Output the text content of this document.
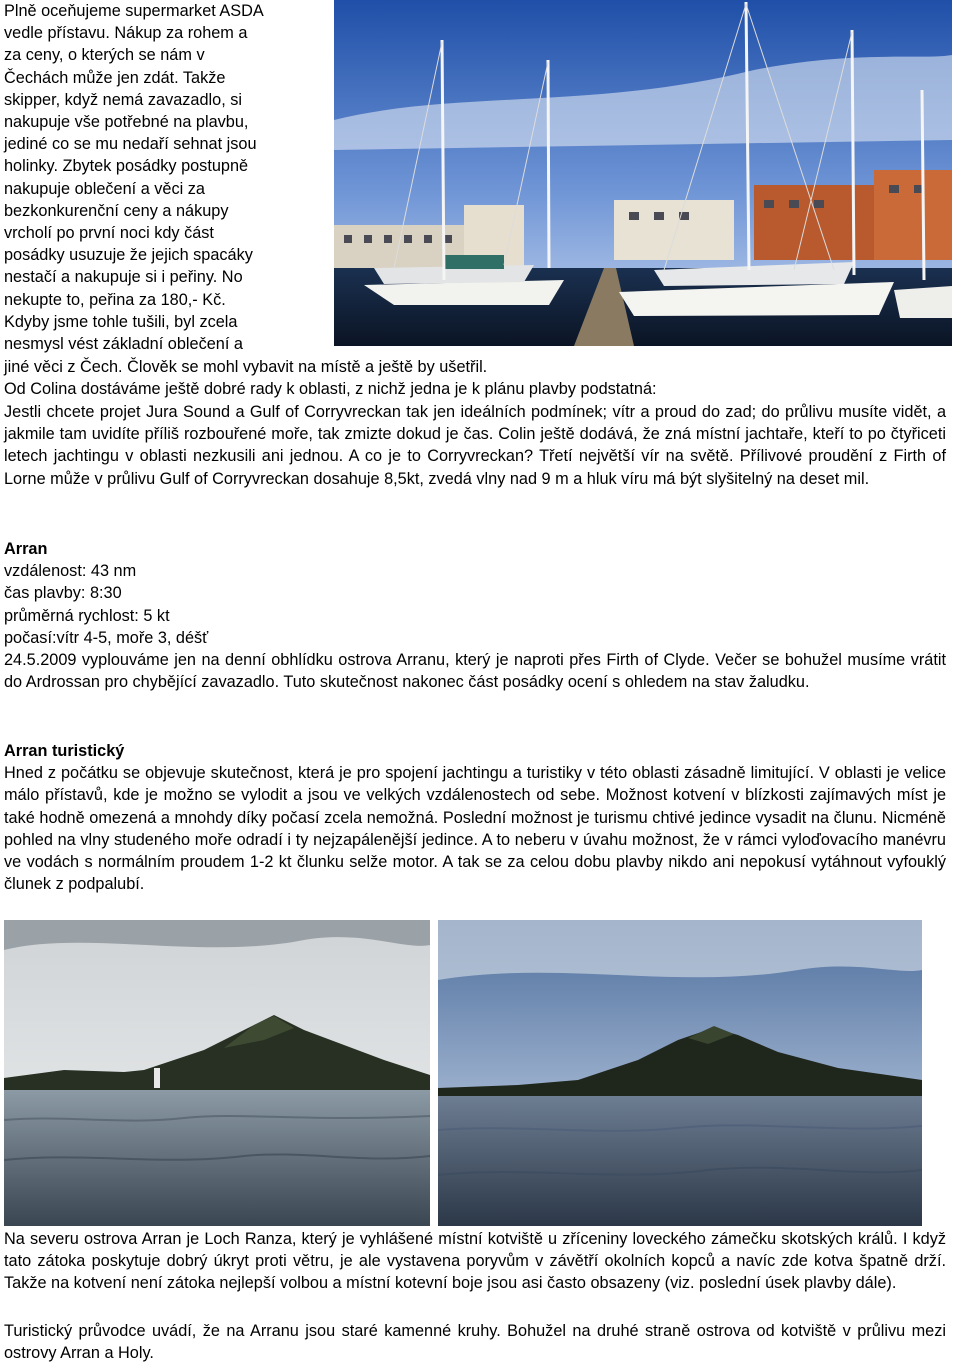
Plně oceňujeme supermarket ASDA
vedle přístavu. Nákup za rohem a
za ceny, o kterých se nám v
Čechách může jen zdát. Takže
skipper, když nemá zavazadlo, si
nakupuje vše potřebné na plavbu,
jediné co se mu nedaří sehnat jsou
holinky. Zbytek posádky postupně
nakupuje oblečení a věci za
bezkonkurenční ceny a nákupy
vrcholí po první noci kdy část
posádky usuzuje že jejich spacáky
nestačí a nakupuje si i peřiny. No
nekupte to, peřina za 180,- Kč.
Kdyby jsme tohle tušili, byl zcela
nesmysl vést základní oblečení a

jiné věci z Čech. Člověk se mohl vybavit na místě a ještě by ušetřil.

Od Colina dostáváme ještě dobré rady k oblasti, z nichž jedna je k plánu plavby podstatná:

Jestli chcete projet Jura Sound a Gulf of Corryvreckan tak jen ideálních podmínek; vítr a proud do zad; do průlivu musíte vidět, a jakmile tam uvidíte příliš rozbouřené moře, tak zmizte dokud je čas. Colin ještě dodává, že zná místní jachtaře, kteří to po čtyřiceti letech jachtingu v oblasti nezkusili ani jednou. A co je to Corryvreckan? Třetí největší vír na světě. Přílivové proudění z Firth of Lorne může v průlivu Gulf of Corryvreckan dosahuje 8,5kt, zvedá vlny nad 9 m a hluk víru má být slyšitelný na deset mil.

Arran
vzdálenost: 43 nm
čas plavby: 8:30
průměrná rychlost: 5 kt
počasí:vítr 4-5, moře 3, déšť
24.5.2009 vyplouváme jen na denní obhlídku ostrova Arranu, který je naproti přes Firth of Clyde. Večer se bohužel musíme vrátit do Ardrossan pro chybějící zavazadlo. Tuto skutečnost nakonec část posádky ocení s ohledem na stav žaludku.
Arran turistický
Hned z počátku se objevuje skutečnost, která je pro spojení jachtingu a turistiky v této oblasti zásadně limitující. V oblasti je velice málo přístavů, kde je možno se vylodit a jsou ve velkých vzdálenostech od sebe. Možnost kotvení v blízkosti zajímavých míst je také hodně omezená a mnohdy díky počasí zcela nemožná. Poslední možnost je turismu chtivé jedince vysadit na člunu. Nicméně pohled na vlny studeného moře odradí i ty nejzapálenější jedince. A to neberu v úvahu možnost, že v rámci vyloďovacího manévru ve vodách s normálním proudem 1-2 kt člunku selže motor. A tak se za celou dobu plavby nikdo ani nepokusí vytáhnout vyfouklý člunek z podpalubí.

Na severu ostrova Arran je Loch Ranza, který je vyhlášené místní kotviště u zříceniny loveckého zámečku skotských králů. I když tato zátoka poskytuje dobrý úkryt proti větru, je ale vystavena poryvům v závětří okolních kopců a navíc zde kotva špatně drží. Takže na kotvení není zátoka nejlepší volbou a místní kotevní boje jsou asi často obsazeny (viz. poslední úsek plavby dále).

Turistický průvodce uvádí, že na Arranu jsou staré kamenné kruhy. Bohužel na druhé straně ostrova od kotviště v průlivu mezi ostrovy Arran a Holy.
